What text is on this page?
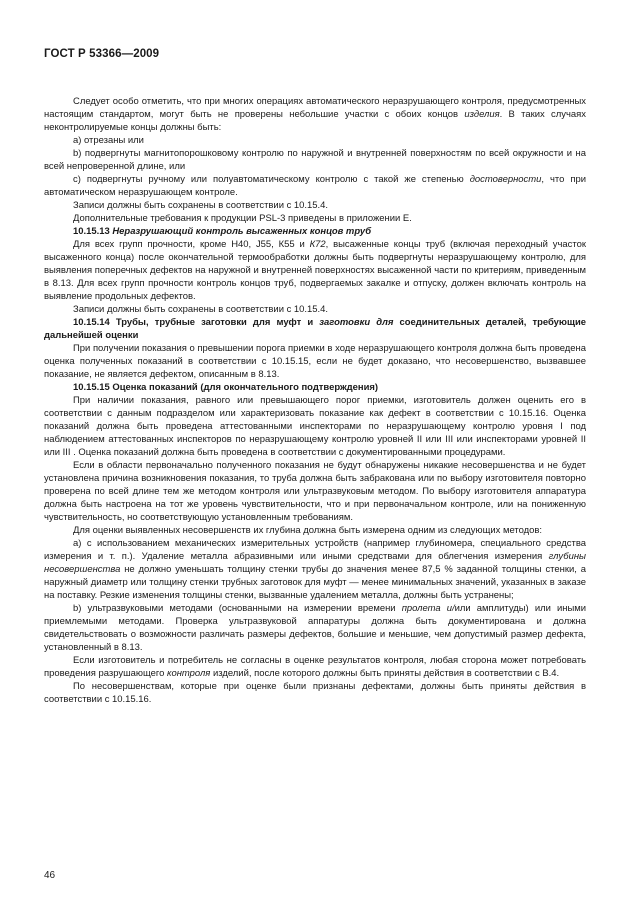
ГОСТ Р 53366—2009

Следует особо отметить, что при многих операциях автоматического неразрушающего контроля, предусмотренных настоящим стандартом, могут быть не проверены небольшие участки с обоих концов изделия. В таких случаях неконтролируемые концы должны быть:

а) отрезаны или

b) подвергнуты магнитопорошковому контролю по наружной и внутренней поверхностям по всей окружности и на всей непроверенной длине, или

с) подвергнуты ручному или полуавтоматическому контролю с такой же степенью достоверности, что при автоматическом неразрушающем контроле.

Записи должны быть сохранены в соответствии с 10.15.4.

Дополнительные требования к продукции PSL-3 приведены в приложении Е.

10.15.13 Неразрушающий контроль высаженных концов труб

Для всех групп прочности, кроме Н40, J55, К55 и К72, высаженные концы труб (включая переходный участок высаженного конца) после окончательной термообработки должны быть подвергнуты неразрушающему контролю, для выявления поперечных дефектов на наружной и внутренней поверхностях высаженной части по критериям, приведенным в 8.13. Для всех групп прочности контроль концов труб, подвергаемых закалке и отпуску, должен включать контроль на выявление продольных дефектов.

Записи должны быть сохранены в соответствии с 10.15.4.

10.15.14 Трубы, трубные заготовки для муфт и заготовки для соединительных деталей, требующие дальнейшей оценки

При получении показания о превышении порога приемки в ходе неразрушающего контроля должна быть проведена оценка полученных показаний в соответствии с 10.15.15, если не будет доказано, что несовершенство, вызвавшее показание, не является дефектом, описанным в 8.13.

10.15.15 Оценка показаний (для окончательного подтверждения)

При наличии показания, равного или превышающего порог приемки, изготовитель должен оценить его в соответствии с данным подразделом или характеризовать показание как дефект в соответствии с 10.15.16. Оценка показаний должна быть проведена аттестованными инспекторами по неразрушающему контролю уровня I под наблюдением аттестованных инспекторов по неразрушающему контролю уровней II или III или инспекторами уровней II или III . Оценка показаний должна быть проведена в соответствии с документированными процедурами.

Если в области первоначально полученного показания не будут обнаружены никакие несовершенства и не будет установлена причина возникновения показания, то труба должна быть забракована или по выбору изготовителя повторно проверена по всей длине тем же методом контроля или ультразвуковым методом. По выбору изготовителя аппаратура должна быть настроена на тот же уровень чувствительности, что и при первоначальном контроле, или на пониженную чувствительность, но соответствующую установленным требованиям.

Для оценки выявленных несовершенств их глубина должна быть измерена одним из следующих методов:

а) с использованием механических измерительных устройств (например глубиномера, специального средства измерения и т. п.). Удаление металла абразивными или иными средствами для облегчения измерения глубины несовершенства не должно уменьшать толщину стенки трубы до значения менее 87,5 % заданной толщины стенки, а наружный диаметр или толщину стенки трубных заготовок для муфт — менее минимальных значений, указанных в заказе на поставку. Резкие изменения толщины стенки, вызванные удалением металла, должны быть устранены;

b) ультразвуковыми методами (основанными на измерении времени пролета и/или амплитуды) или иными приемлемыми методами. Проверка ультразвуковой аппаратуры должна быть документирована и должна свидетельствовать о возможности различать размеры дефектов, большие и меньшие, чем допустимый размер дефекта, установленный в 8.13.

Если изготовитель и потребитель не согласны в оценке результатов контроля, любая сторона может потребовать проведения разрушающего контроля изделий, после которого должны быть приняты действия в соответствии с В.4.

По несовершенствам, которые при оценке были признаны дефектами, должны быть приняты действия в соответствии с 10.15.16.

46
